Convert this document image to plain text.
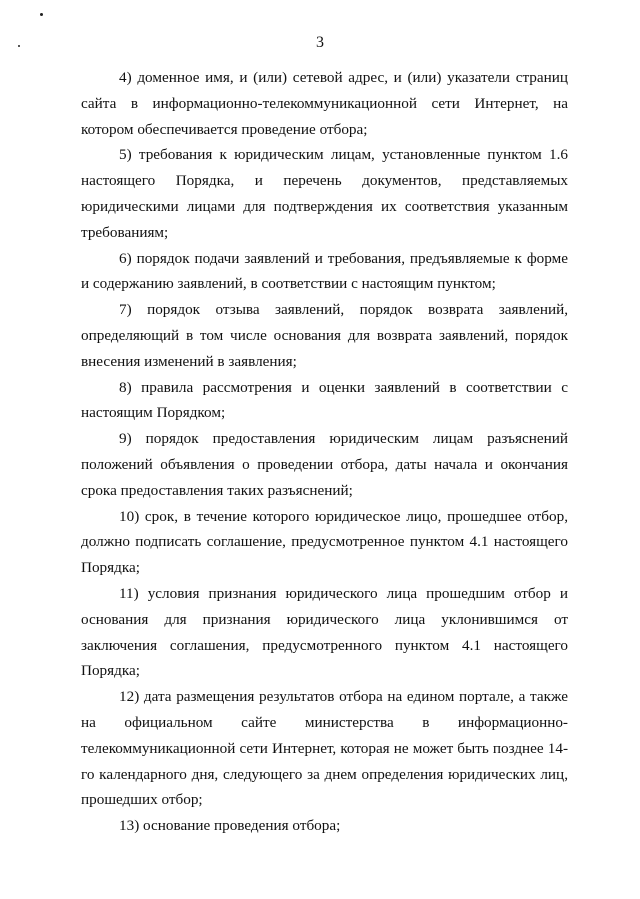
3

4) доменное имя, и (или) сетевой адрес, и (или) указатели страниц сайта в информационно-телекоммуникационной сети Интернет, на котором обеспечивается проведение отбора;

5) требования к юридическим лицам, установленные пунктом 1.6 настоящего Порядка, и перечень документов, представляемых юридическими лицами для подтверждения их соответствия указанным требованиям;

6) порядок подачи заявлений и требования, предъявляемые к форме и содержанию заявлений, в соответствии с настоящим пунктом;

7) порядок отзыва заявлений, порядок возврата заявлений, определяющий в том числе основания для возврата заявлений, порядок внесения изменений в заявления;

8) правила рассмотрения и оценки заявлений в соответствии с настоящим Порядком;

9) порядок предоставления юридическим лицам разъяснений положений объявления о проведении отбора, даты начала и окончания срока предоставления таких разъяснений;

10) срок, в течение которого юридическое лицо, прошедшее отбор, должно подписать соглашение, предусмотренное пунктом 4.1 настоящего Порядка;

11) условия признания юридического лица прошедшим отбор и основания для признания юридического лица уклонившимся от заключения соглашения, предусмотренного пунктом 4.1 настоящего Порядка;

12) дата размещения результатов отбора на едином портале, а также на официальном сайте министерства в информационно-телекоммуникационной сети Интернет, которая не может быть позднее 14-го календарного дня, следующего за днем определения юридических лиц, прошедших отбор;

13) основание проведения отбора;
